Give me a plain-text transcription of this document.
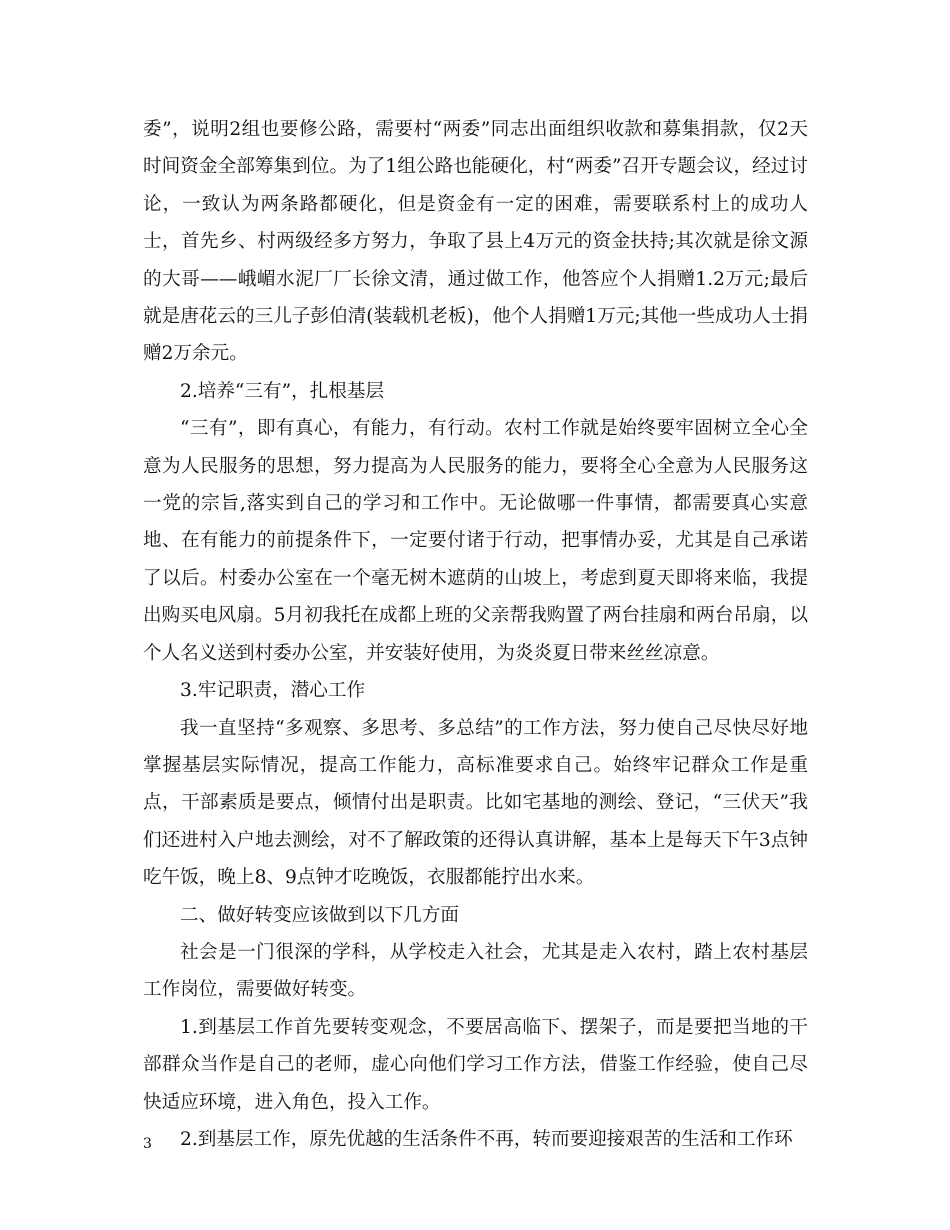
委”，说明2组也要修公路，需要村“两委”同志出面组织收款和募集捐款，仅2天时间资金全部筹集到位。为了1组公路也能硬化，村“两委”召开专题会议，经过讨论，一致认为两条路都硬化，但是资金有一定的困难，需要联系村上的成功人士，首先乡、村两级经多方努力，争取了县上4万元的资金扶持;其次就是徐文源的大哥——峨嵋水泥厂厂长徐文清，通过做工作，他答应个人捐赠1.2万元;最后就是唐花云的三儿子彭伯清(装载机老板)，他个人捐赠1万元;其他一些成功人士捐赠2万余元。

2.培养“三有”，扎根基层

“三有”，即有真心，有能力，有行动。农村工作就是始终要牢固树立全心全意为人民服务的思想，努力提高为人民服务的能力，要将全心全意为人民服务这一党的宗旨,落实到自己的学习和工作中。无论做哪一件事情，都需要真心实意地、在有能力的前提条件下，一定要付诸于行动，把事情办妥，尤其是自己承诺了以后。村委办公室在一个毫无树木遮荫的山坡上，考虑到夏天即将来临，我提出购买电风扇。5月初我托在成都上班的父亲帮我购置了两台挂扇和两台吊扇，以个人名义送到村委办公室，并安装好使用，为炎炎夏日带来丝丝凉意。

3.牢记职责，潜心工作

我一直坚持“多观察、多思考、多总结”的工作方法，努力使自己尽快尽好地掌握基层实际情况，提高工作能力，高标准要求自己。始终牢记群众工作是重点，干部素质是要点，倾情付出是职责。比如宅基地的测绘、登记，“三伏天”我们还进村入户地去测绘，对不了解政策的还得认真讲解，基本上是每天下午3点钟吃午饭，晚上8、9点钟才吃晚饭，衣服都能拧出水来。

二、做好转变应该做到以下几方面

社会是一门很深的学科，从学校走入社会，尤其是走入农村，踏上农村基层工作岗位，需要做好转变。

1.到基层工作首先要转变观念，不要居高临下、摆架子，而是要把当地的干部群众当作是自己的老师，虚心向他们学习工作方法，借鉴工作经验，使自己尽快适应环境，进入角色，投入工作。

2.到基层工作，原先优越的生活条件不再，转而要迎接艰苦的生活和工作环

3
